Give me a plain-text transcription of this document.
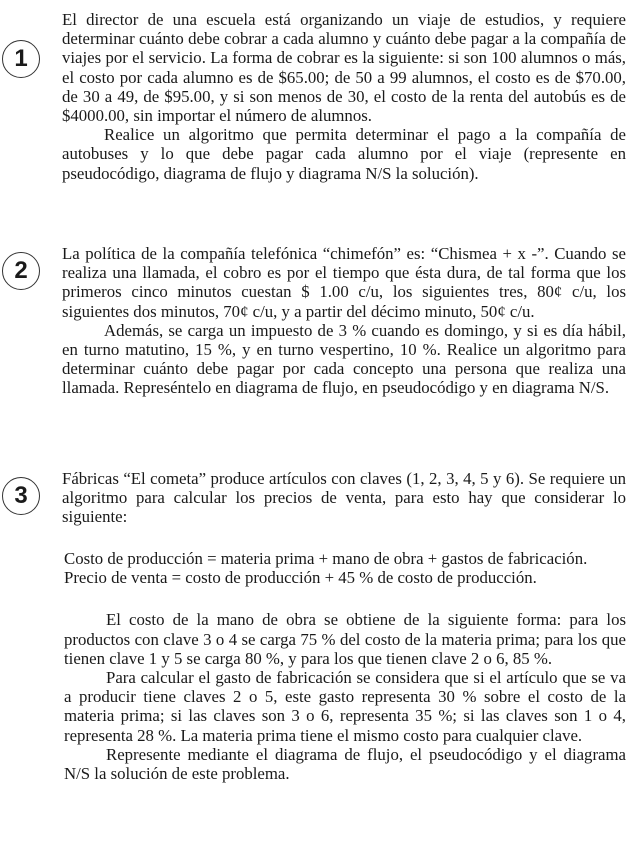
1

El director de una escuela está organizando un viaje de estudios, y requiere determinar cuánto debe cobrar a cada alumno y cuánto debe pagar a la compañía de viajes por el servicio. La forma de cobrar es la siguiente: si son 100 alumnos o más, el costo por cada alumno es de $65.00; de 50 a 99 alumnos, el costo es de $70.00, de 30 a 49, de $95.00, y si son menos de 30, el costo de la renta del autobús es de $4000.00, sin importar el número de alumnos.

Realice un algoritmo que permita determinar el pago a la compañía de autobuses y lo que debe pagar cada alumno por el viaje (represente en pseudocódigo, diagrama de flujo y diagrama N/S la solución).

2

La política de la compañía telefónica “chimefón” es: “Chismea + x -”. Cuando se realiza una llamada, el cobro es por el tiempo que ésta dura, de tal forma que los primeros cinco minutos cuestan $ 1.00 c/u, los siguientes tres, 80¢ c/u, los siguientes dos minutos, 70¢ c/u, y a partir del décimo minuto, 50¢ c/u.

Además, se carga un impuesto de 3 % cuando es domingo, y si es día hábil, en turno matutino, 15 %, y en turno vespertino, 10 %. Realice un algoritmo para determinar cuánto debe pagar por cada concepto una persona que realiza una llamada. Represéntelo en diagrama de flujo, en pseudocódigo y en diagrama N/S.

3

Fábricas “El cometa” produce artículos con claves (1, 2, 3, 4, 5 y 6). Se requiere un algoritmo para calcular los precios de venta, para esto hay que considerar lo siguiente:

Costo de producción = materia prima + mano de obra + gastos de fabricación.

Precio de venta = costo de producción + 45 % de costo de producción.

El costo de la mano de obra se obtiene de la siguiente forma: para los productos con clave 3 o 4 se carga 75 % del costo de la materia prima; para los que tienen clave 1 y 5 se carga 80 %, y para los que tienen clave 2 o 6, 85 %.

Para calcular el gasto de fabricación se considera que si el artículo que se va a producir tiene claves 2 o 5, este gasto representa 30 % sobre el costo de la materia prima; si las claves son 3 o 6, representa 35 %; si las claves son 1 o 4, representa 28 %. La materia prima tiene el mismo costo para cualquier clave.

Represente mediante el diagrama de flujo, el pseudocódigo y el diagrama N/S la solución de este problema.
